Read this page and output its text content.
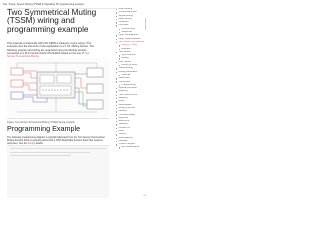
Fan, Torque, Speed: Muting (TSSM) & Signalling; Pic-programming example
Two Symmetrical Muting (TSSM) wiring and programming example
This example corresponds with ISO 13849-1 Category 4 type wiring. This example uses the elements of the application to a 2 Ch. Muting Device. The following program and wiring are supported using two Muting sensors connected to a PLC function block XS-26-BAS based on the use of Two Sensor Symmetrical Muting.
Figure. Two Sensor Symmetrical Muting (TSSM) wiring example
Programming Example
The following programming diagram is typically fabricated from the Two Sensor Symmetrical Muting function block is typically paired with a CDP-Stop/Flight function block (the required response). See the Muting details.
About Muting
Cross-Muting and
Signal Muting
Logic Muting
Indication
Controller
Function and
Sequence
Logic Configuration
Logic Implementation
Two Sensor Symmetrical
Muting (TSSM)
Example
Two Sensor
Asymmetrical
Muting
Four Sensor
Muting (FSSM)
Partial Muting
Muting Dependent
Override
Mute Lamp
Config. and
Programming
Special Functions
Stacking
Two-Hand Control
Blanking
Reset
Mute Enable
Muting Override
Lockout
Troubleshooting
Appendix
Reference
Glossary
Contact Us
Index
Version
Abbreviations
Glossary
Product Support
and Maintenance
1/8
